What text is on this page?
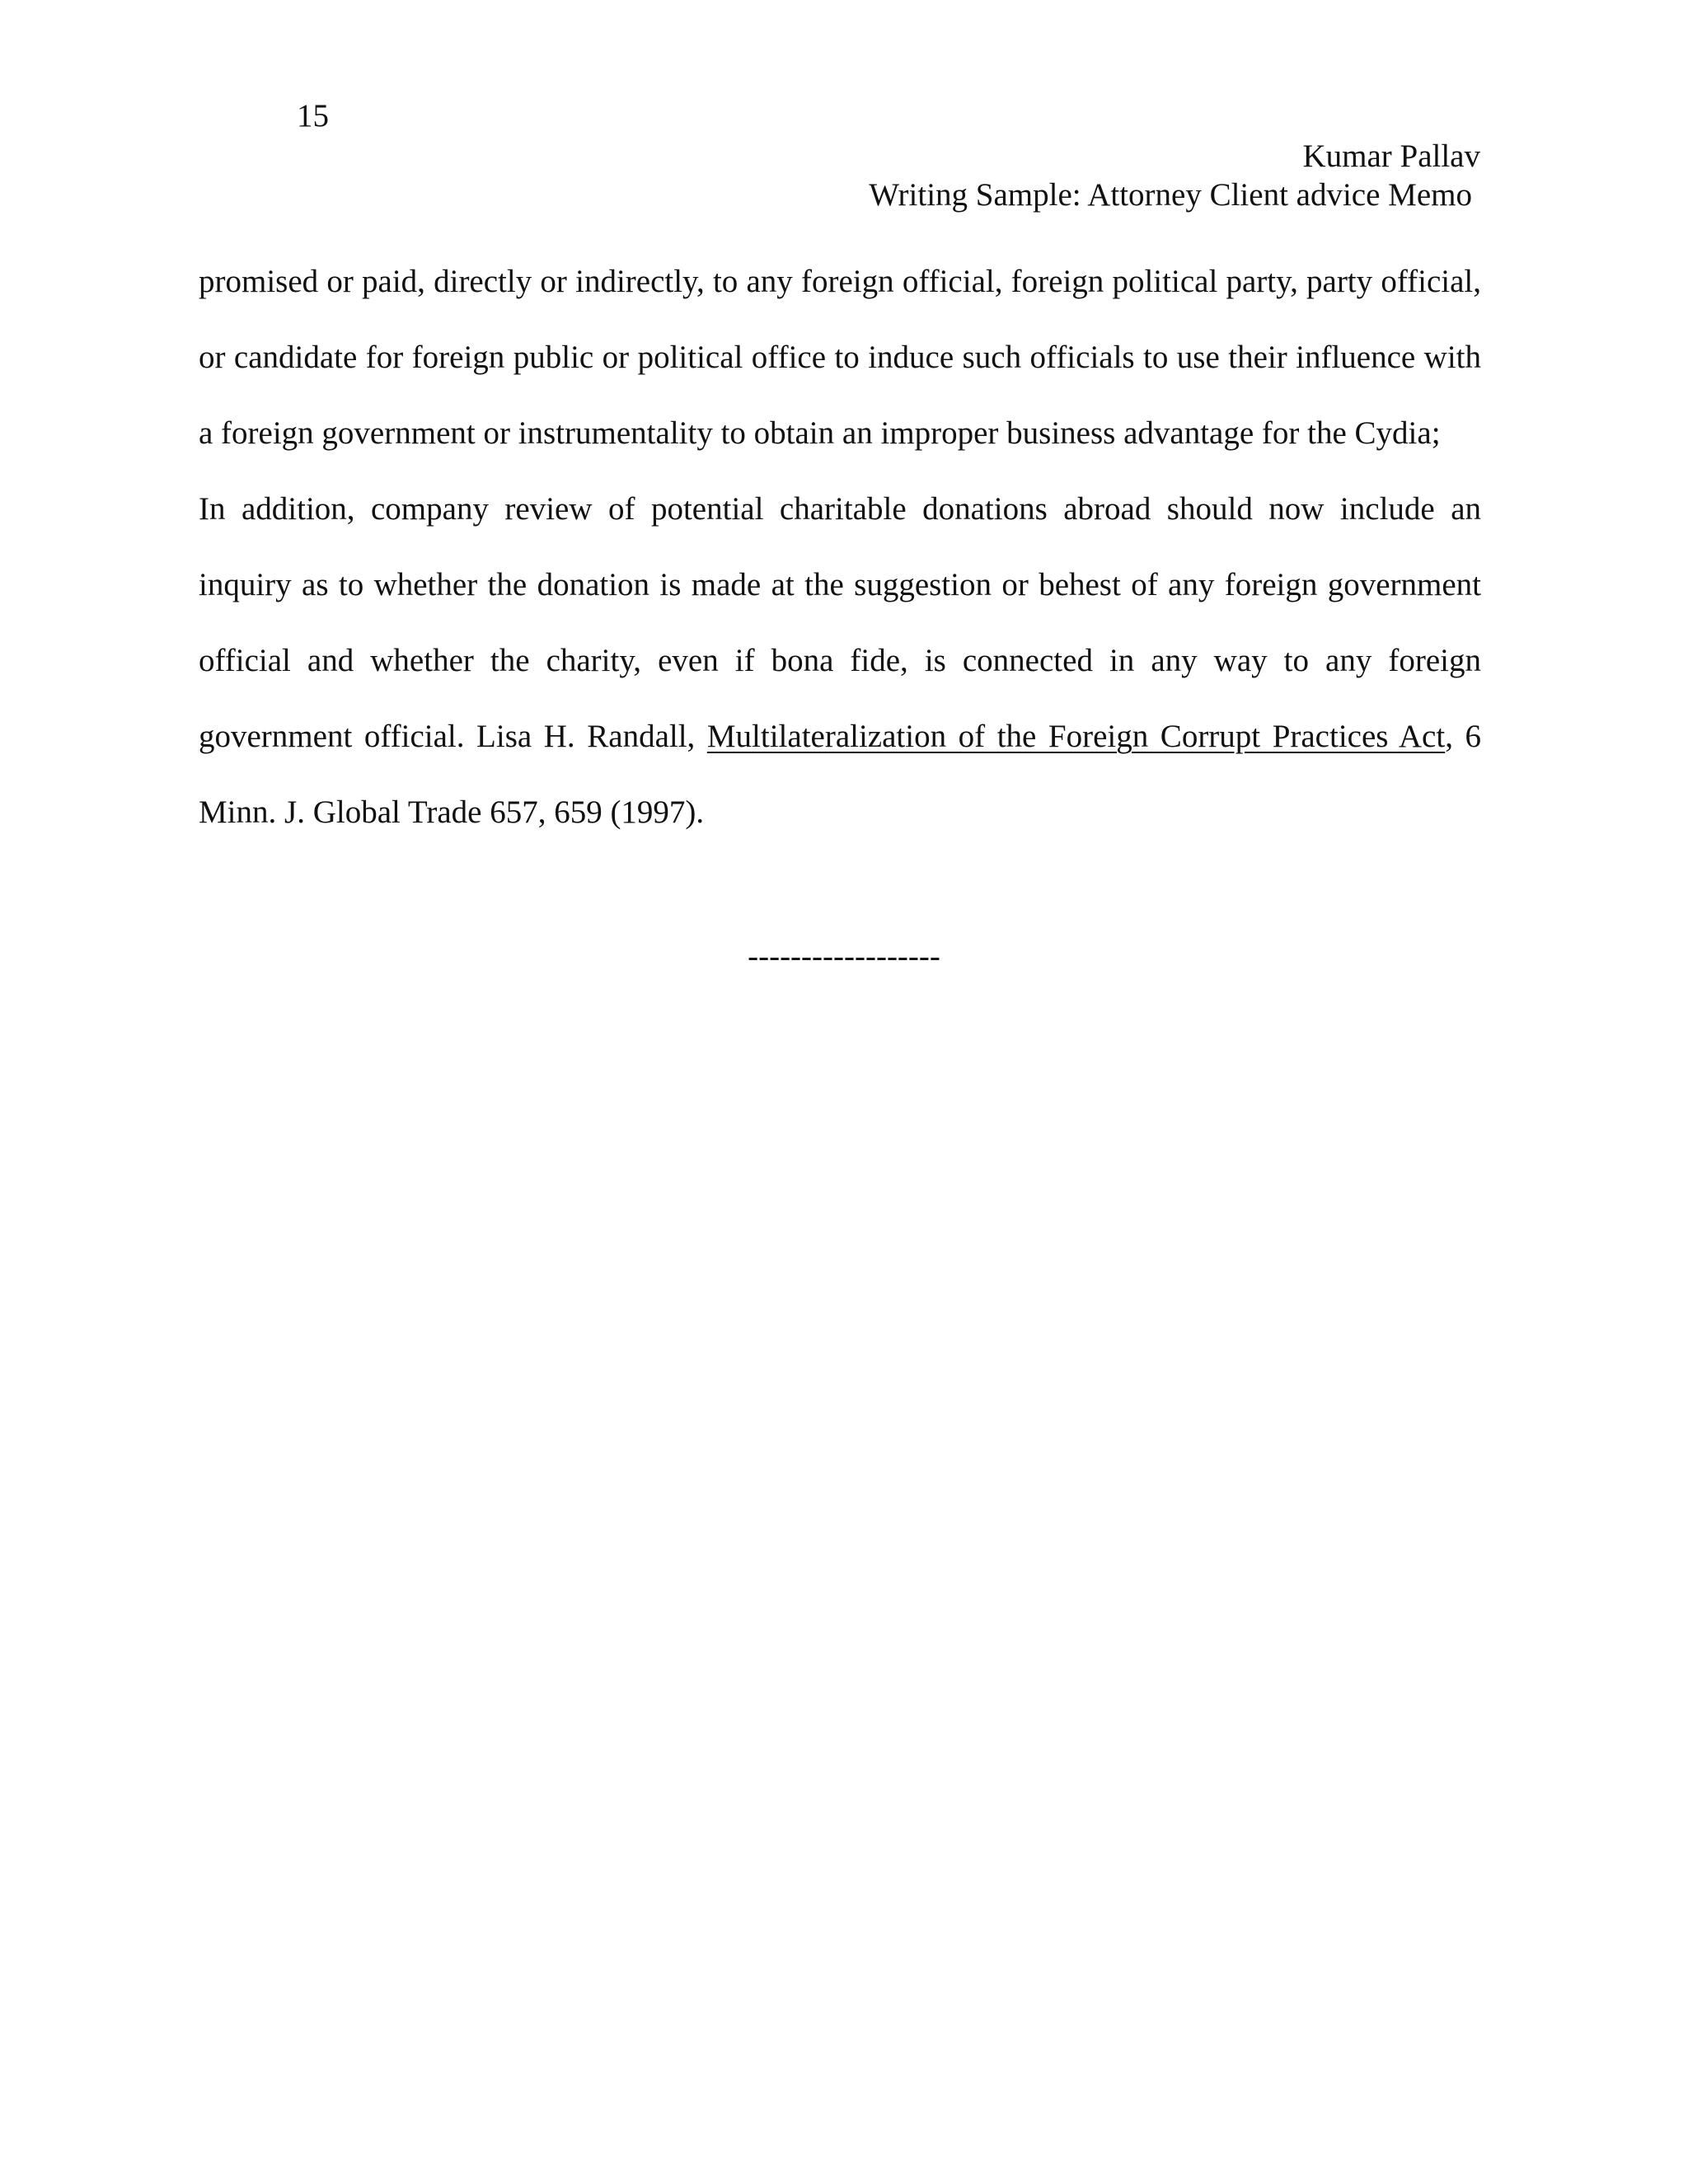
15
Kumar Pallav
Writing Sample: Attorney Client advice Memo

promised or paid, directly or indirectly, to any foreign official, foreign political party, party official, or candidate for foreign public or political office to induce such officials to use their influence with a foreign government or instrumentality to obtain an improper business advantage for the Cydia;

In addition, company review of potential charitable donations abroad should now include an inquiry as to whether the donation is made at the suggestion or behest of any foreign government official and whether the charity, even if bona fide, is connected in any way to any foreign government official. Lisa H. Randall, Multilateralization of the Foreign Corrupt Practices Act, 6 Minn. J. Global Trade 657, 659 (1997).

------------------
